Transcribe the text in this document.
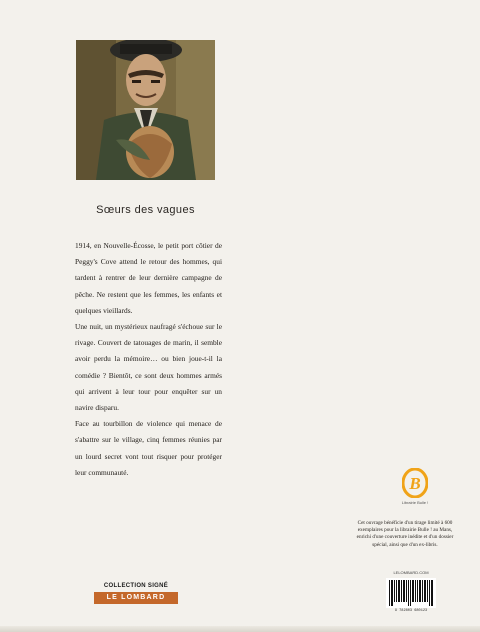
Sœurs des vagues

1914, en Nouvelle-Écosse, le petit port côtier de Peggy's Cove attend le retour des hommes, qui tardent à rentrer de leur dernière campagne de pêche. Ne restent que les femmes, les enfants et quelques vieillards.

Une nuit, un mystérieux naufragé s'échoue sur le rivage. Couvert de tatouages de marin, il semble avoir perdu la mémoire… ou bien joue-t-il la comédie ? Bientôt, ce sont deux hommes armés qui arrivent à leur tour pour enquêter sur un navire disparu.

Face au tourbillon de violence qui menace de s'abattre sur le village, cinq femmes réunies par un lourd secret vont tout risquer pour protéger leur communauté.

B
Librairie Bulle !
Cet ouvrage bénéficie d'un tirage limité à 600 exemplaires pour la librairie Bulle ! au Mans, enrichi d'une couverture inédite et d'un dossier spécial, ainsi que d'un ex-libris.
LELOMBARD.COM
9 782803 680123
COLLECTION SIGNÉ
LE LOMBARD
